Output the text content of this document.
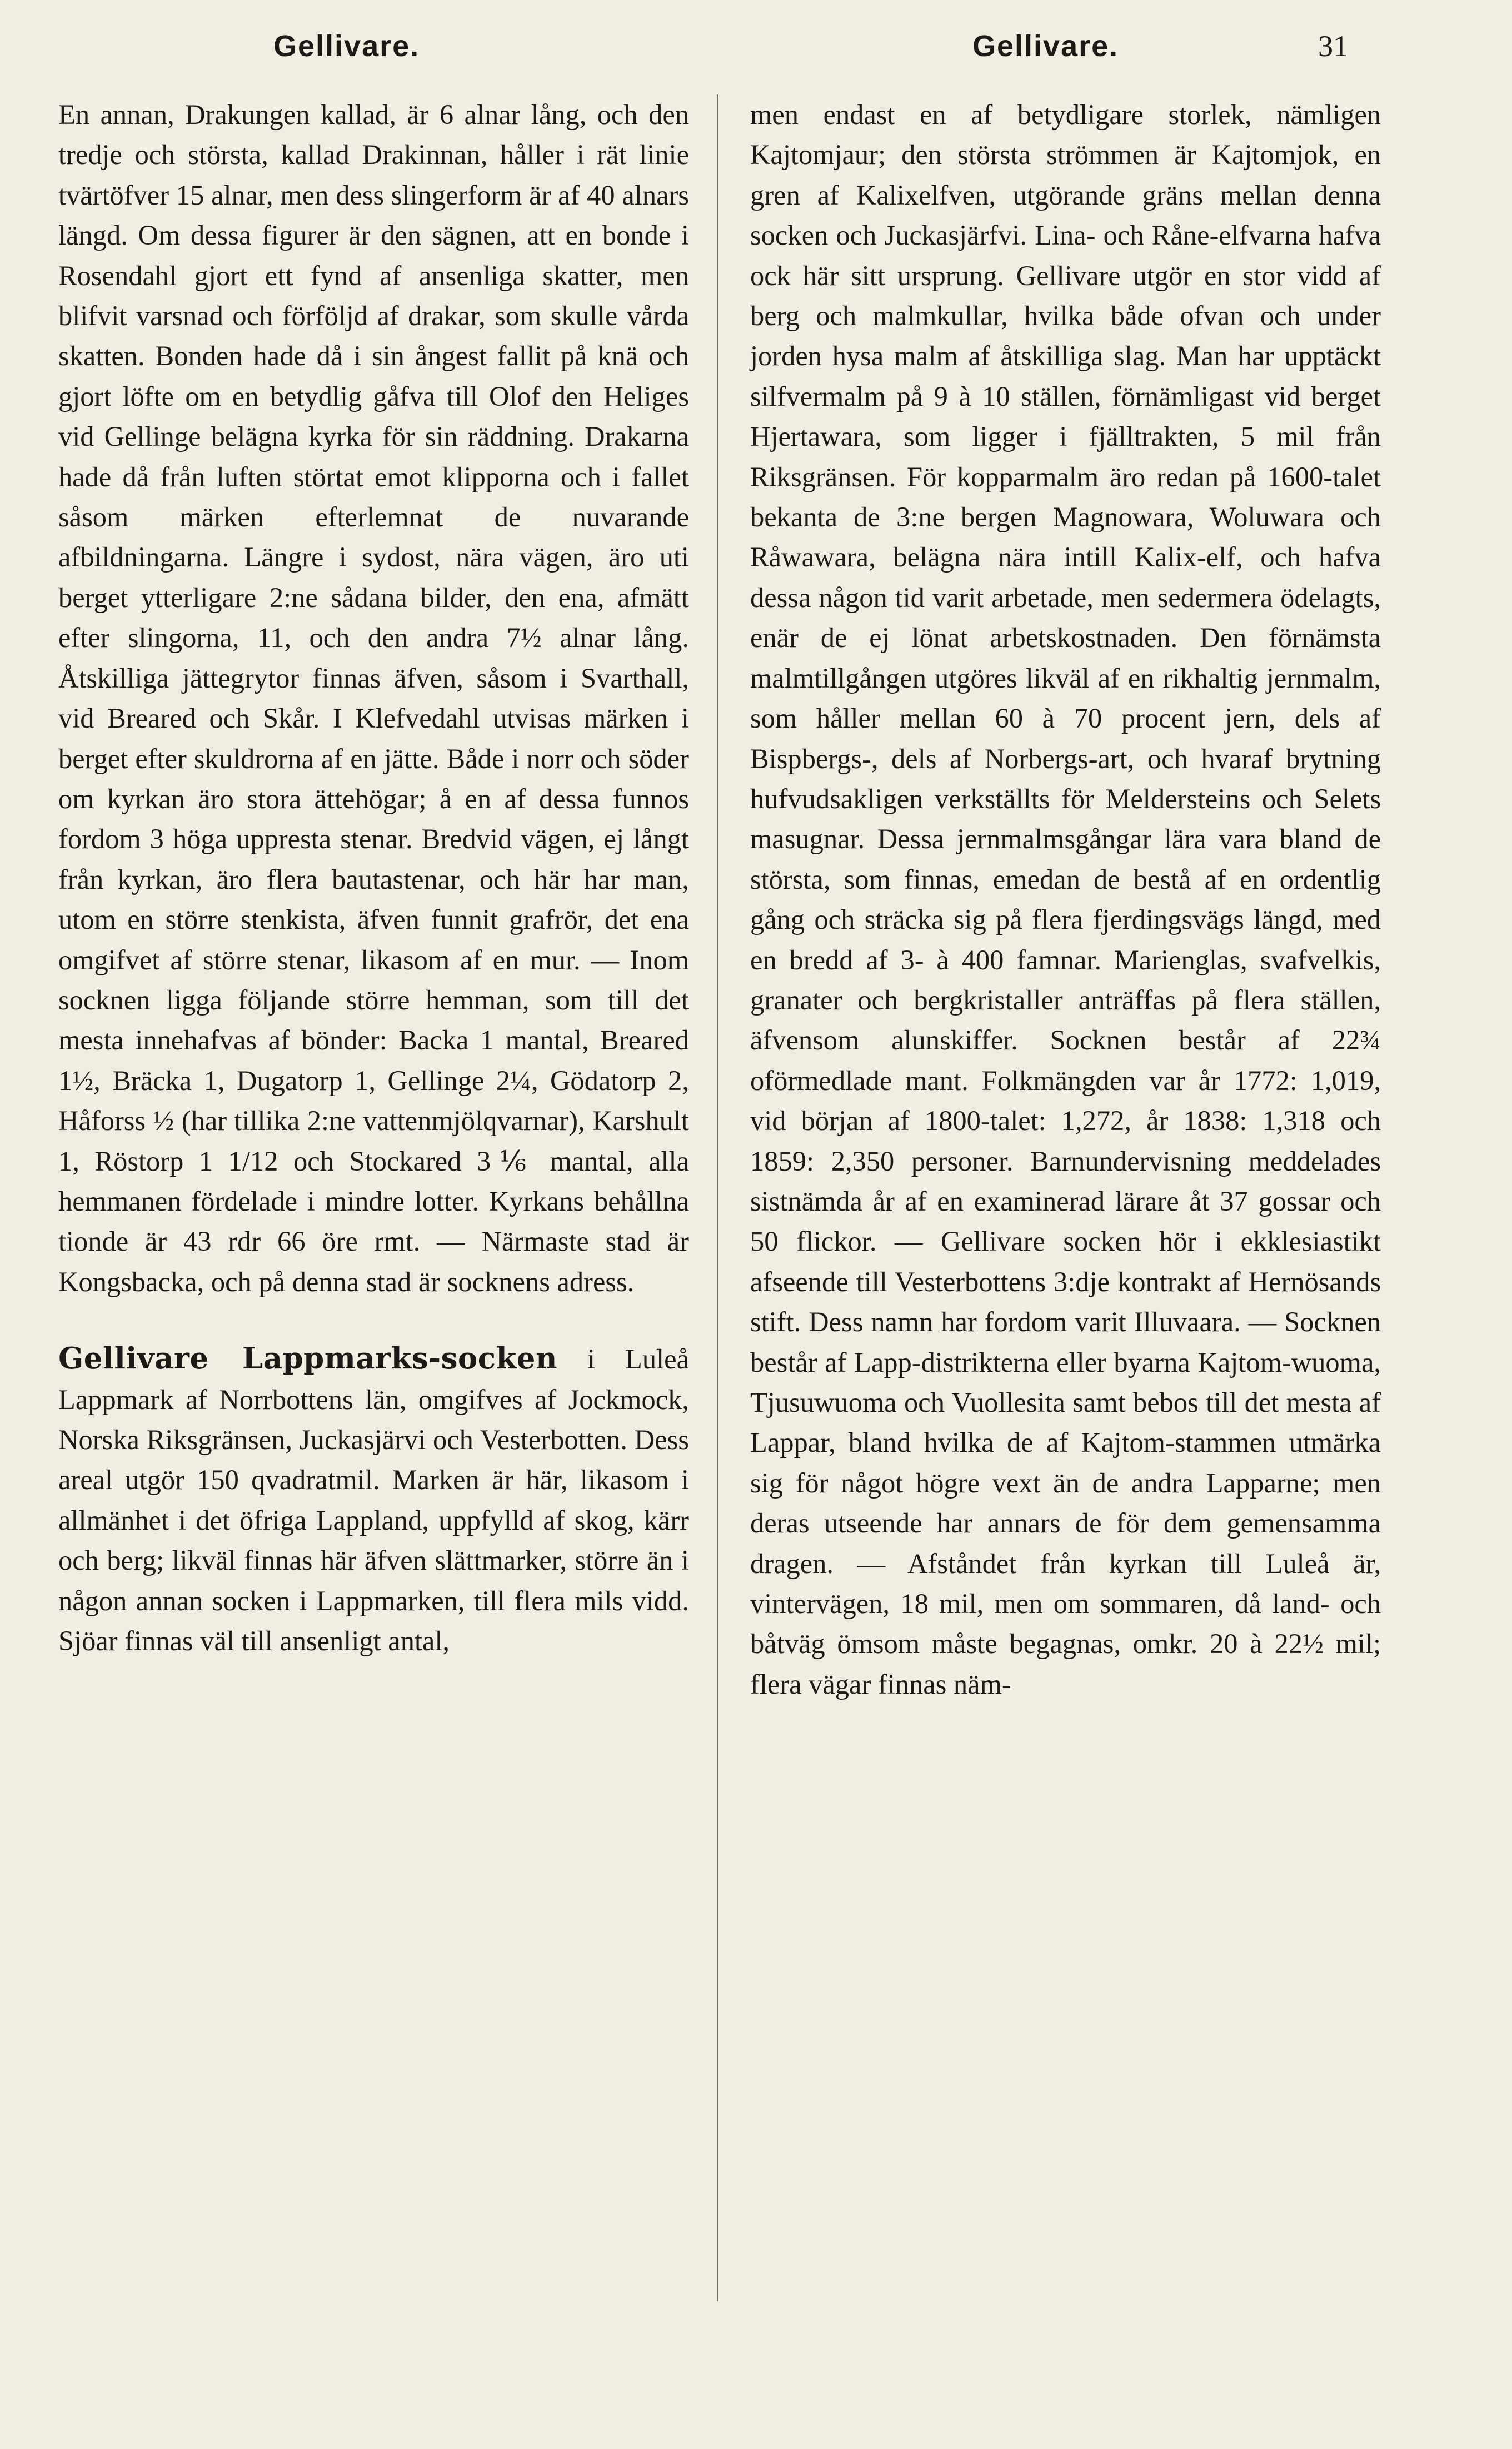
Gellivare.	Gellivare.	31

En annan, Drakungen kallad, är 6 alnar lång, och den tredje och största, kallad Drakinnan, håller i rät linie tvärtöfver 15 alnar, men dess slingerform är af 40 alnars längd. Om dessa figurer är den sägnen, att en bonde i Rosendahl gjort ett fynd af ansenliga skatter, men blifvit varsnad och förföljd af drakar, som skulle vårda skatten. Bonden hade då i sin ångest fallit på knä och gjort löfte om en betydlig gåfva till Olof den Heliges vid Gellinge belägna kyrka för sin räddning. Drakarna hade då från luften störtat emot klipporna och i fallet såsom märken efterlemnat de nuvarande afbildningarna. Längre i sydost, nära vägen, äro uti berget ytterligare 2:ne sådana bilder, den ena, afmätt efter slingorna, 11, och den andra 7½ alnar lång. Åtskilliga jättegrytor finnas äfven, såsom i Svarthall, vid Breared och Skår. I Klefvedahl utvisas märken i berget efter skuldrorna af en jätte. Både i norr och söder om kyrkan äro stora ättehögar; å en af dessa funnos fordom 3 höga uppresta stenar. Bredvid vägen, ej långt från kyrkan, äro flera bautastenar, och här har man, utom en större stenkista, äfven funnit grafrör, det ena omgifvet af större stenar, likasom af en mur. — Inom socknen ligga följande större hemman, som till det mesta innehafvas af bönder: Backa 1 mantal, Breared 1½, Bräcka 1, Dugatorp 1, Gellinge 2¼, Gödatorp 2, Håforss ½ (har tillika 2:ne vattenmjölqvarnar), Karshult 1, Röstorp 1 1/12 och Stockared 3⅙ mantal, alla hemmanen fördelade i mindre lotter. Kyrkans behållna tionde är 43 rdr 66 öre rmt. — Närmaste stad är Kongsbacka, och på denna stad är socknens adress.

Gellivare Lappmarks-socken i Luleå Lappmark af Norrbottens län, omgifves af Jockmock, Norska Riksgränsen, Juckasjärvi och Vesterbotten. Dess areal utgör 150 qvadratmil. Marken är här, likasom i allmänhet i det öfriga Lappland, uppfylld af skog, kärr och berg; likväl finnas här äfven slättmarker, större än i någon annan socken i Lappmarken, till flera mils vidd. Sjöar finnas väl till ansenligt antal,

men endast en af betydligare storlek, nämligen Kajtomjaur; den största strömmen är Kajtomjok, en gren af Kalixelfven, utgörande gräns mellan denna socken och Juckasjärfvi. Lina- och Råne-elfvarna hafva ock här sitt ursprung. Gellivare utgör en stor vidd af berg och malmkullar, hvilka både ofvan och under jorden hysa malm af åtskilliga slag. Man har upptäckt silfvermalm på 9 à 10 ställen, förnämligast vid berget Hjertawara, som ligger i fjälltrakten, 5 mil från Riksgränsen. För kopparmalm äro redan på 1600-talet bekanta de 3:ne bergen Magnowara, Woluwara och Råwawara, belägna nära intill Kalix-elf, och hafva dessa någon tid varit arbetade, men sedermera ödelagts, enär de ej lönat arbetskostnaden. Den förnämsta malmtillgången utgöres likväl af en rikhaltig jernmalm, som håller mellan 60 à 70 procent jern, dels af Bispbergs-, dels af Norbergs-art, och hvaraf brytning hufvudsakligen verkställts för Meldersteins och Selets masugnar. Dessa jernmalmsgångar lära vara bland de största, som finnas, emedan de bestå af en ordentlig gång och sträcka sig på flera fjerdingsvägs längd, med en bredd af 3- à 400 famnar. Marienglas, svafvelkis, granater och bergkristaller anträffas på flera ställen, äfvensom alunskiffer. Socknen består af 22¾ oförmedlade mant. Folkmängden var år 1772: 1,019, vid början af 1800-talet: 1,272, år 1838: 1,318 och 1859: 2,350 personer. Barnundervisning meddelades sistnämda år af en examinerad lärare åt 37 gossar och 50 flickor. — Gellivare socken hör i ekklesiastikt afseende till Vesterbottens 3:dje kontrakt af Hernösands stift. Dess namn har fordom varit Illuvaara. — Socknen består af Lapp-distrikterna eller byarna Kajtom-wuoma, Tjusuwuoma och Vuollesita samt bebos till det mesta af Lappar, bland hvilka de af Kajtom-stammen utmärka sig för något högre vext än de andra Lapparne; men deras utseende har annars de för dem gemensamma dragen. — Afståndet från kyrkan till Luleå är, vintervägen, 18 mil, men om sommaren, då land- och båtväg ömsom måste begagnas, omkr. 20 à 22½ mil; flera vägar finnas näm-
